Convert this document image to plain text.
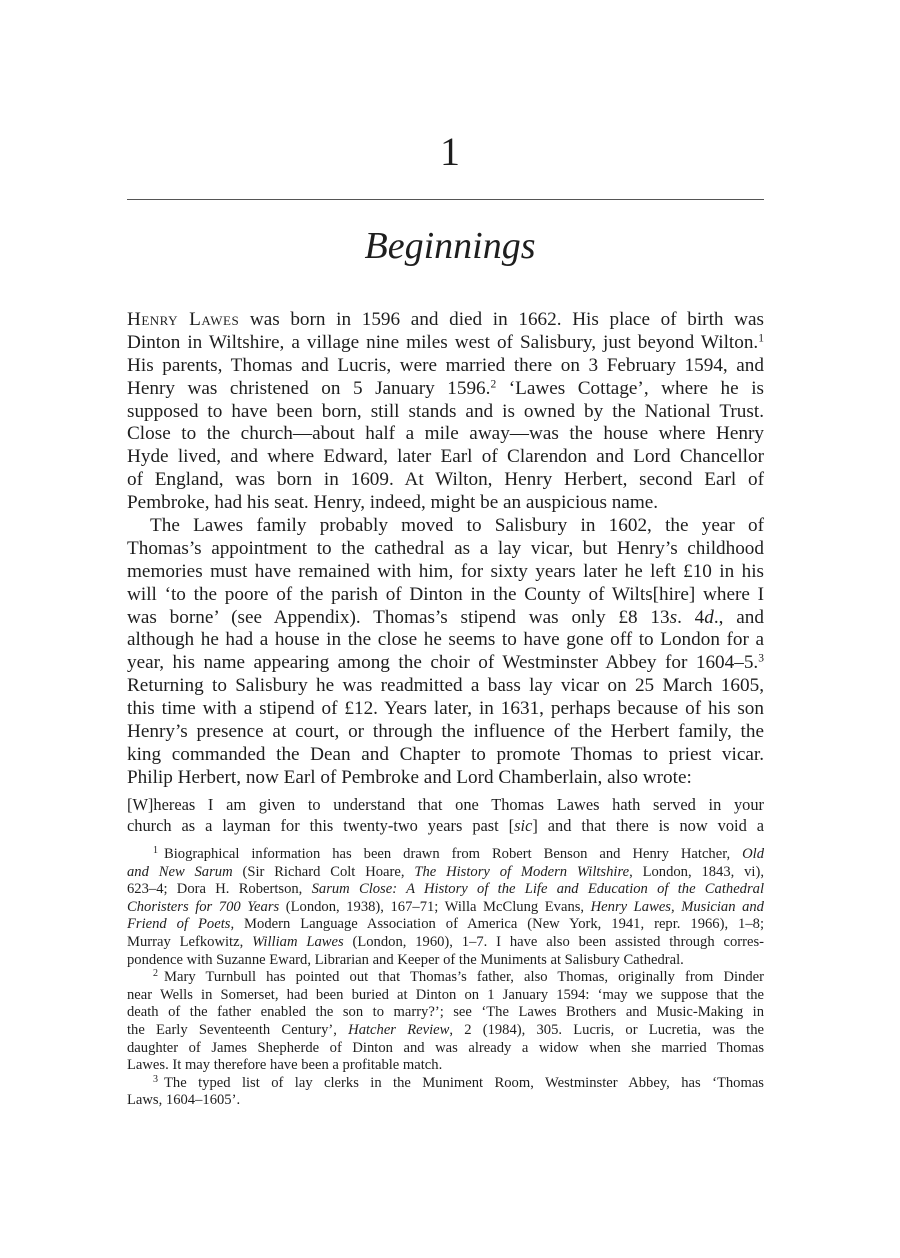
1
Beginnings
Henry Lawes was born in 1596 and died in 1662. His place of birth was
Dinton in Wiltshire, a village nine miles west of Salisbury, just beyond Wilton.$^1$
His parents, Thomas and Lucris, were married there on 3 February 1594, and
Henry was christened on 5 January 1596.$^2$ ‘Lawes Cottage’, where he is
supposed to have been born, still stands and is owned by the National Trust.
Close to the church—about half a mile away—was the house where Henry
Hyde lived, and where Edward, later Earl of Clarendon and Lord Chancellor
of England, was born in 1609. At Wilton, Henry Herbert, second Earl of
Pembroke, had his seat. Henry, indeed, might be an auspicious name.
The Lawes family probably moved to Salisbury in 1602, the year of
Thomas’s appointment to the cathedral as a lay vicar, but Henry’s childhood
memories must have remained with him, for sixty years later he left £10 in his
will ‘to the poore of the parish of Dinton in the County of Wilts[hire] where I
was borne’ (see Appendix). Thomas’s stipend was only £8 13s. 4d., and
although he had a house in the close he seems to have gone off to London for a
year, his name appearing among the choir of Westminster Abbey for 1604–5.$^3$
Returning to Salisbury he was readmitted a bass lay vicar on 25 March 1605,
this time with a stipend of £12. Years later, in 1631, perhaps because of his son
Henry’s presence at court, or through the influence of the Herbert family, the
king commanded the Dean and Chapter to promote Thomas to priest vicar.
Philip Herbert, now Earl of Pembroke and Lord Chamberlain, also wrote:
[W]hereas I am given to understand that one Thomas Lawes hath served in your
church as a layman for this twenty-two years past [sic] and that there is now void a
$^1$ Biographical information has been drawn from Robert Benson and Henry Hatcher, Old
and New Sarum (Sir Richard Colt Hoare, The History of Modern Wiltshire, London, 1843, vi),
623–4; Dora H. Robertson, Sarum Close: A History of the Life and Education of the Cathedral
Choristers for 700 Years (London, 1938), 167–71; Willa McClung Evans, Henry Lawes, Musician and
Friend of Poets, Modern Language Association of America (New York, 1941, repr. 1966), 1–8;
Murray Lefkowitz, William Lawes (London, 1960), 1–7. I have also been assisted through corres-
pondence with Suzanne Eward, Librarian and Keeper of the Muniments at Salisbury Cathedral.
$^2$ Mary Turnbull has pointed out that Thomas’s father, also Thomas, originally from Dinder
near Wells in Somerset, had been buried at Dinton on 1 January 1594: ‘may we suppose that the
death of the father enabled the son to marry?’; see ‘The Lawes Brothers and Music-Making in
the Early Seventeenth Century’, Hatcher Review, 2 (1984), 305. Lucris, or Lucretia, was the
daughter of James Shepherde of Dinton and was already a widow when she married Thomas
Lawes. It may therefore have been a profitable match.
$^3$ The typed list of lay clerks in the Muniment Room, Westminster Abbey, has ‘Thomas
Laws, 1604–1605’.
